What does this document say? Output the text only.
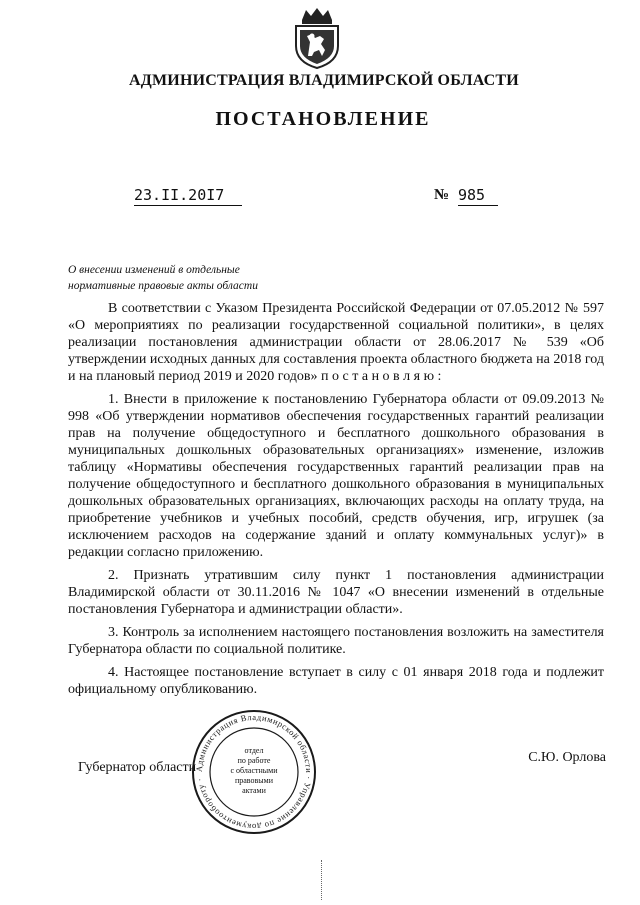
АДМИНИСТРАЦИЯ ВЛАДИМИРСКОЙ ОБЛАСТИ
ПОСТАНОВЛЕНИЕ
23.II.20I7	№ 985
О внесении изменений в отдельные
нормативные правовые акты области

В соответствии с Указом Президента Российской Федерации от 07.05.2012 № 597 «О мероприятиях по реализации государственной социальной политики», в целях реализации постановления администрации области от 28.06.2017 № 539 «Об утверждении исходных данных для составления проекта областного бюджета на 2018 год и на плановый период 2019 и 2020 годов» п о с т а н о в л я ю :

1. Внести в приложение к постановлению Губернатора области от 09.09.2013 № 998 «Об утверждении нормативов обеспечения государственных гарантий реализации прав на получение общедоступного и бесплатного дошкольного образования в муниципальных дошкольных образовательных организациях» изменение, изложив таблицу «Нормативы обеспечения государственных гарантий реализации прав на получение общедоступного и бесплатного дошкольного образования в муниципальных дошкольных образовательных организациях, включающих расходы на оплату труда, на приобретение учебников и учебных пособий, средств обучения, игр, игрушек (за исключением расходов на содержание зданий и оплату коммунальных услуг)» в редакции согласно приложению.

2. Признать утратившим силу пункт 1 постановления администрации Владимирской области от 30.11.2016 № 1047 «О внесении изменений в отдельные постановления Губернатора и администрации области».

3. Контроль за исполнением настоящего постановления возложить на заместителя Губернатора области по социальной политике.

4. Настоящее постановление вступает в силу с 01 января 2018 года и подлежит официальному опубликованию.

Губернатор области
С.Ю. Орлова
Администрация Владимирской области · Управление по документообороту ·
отдел
по работе
с областными
правовыми
актами
